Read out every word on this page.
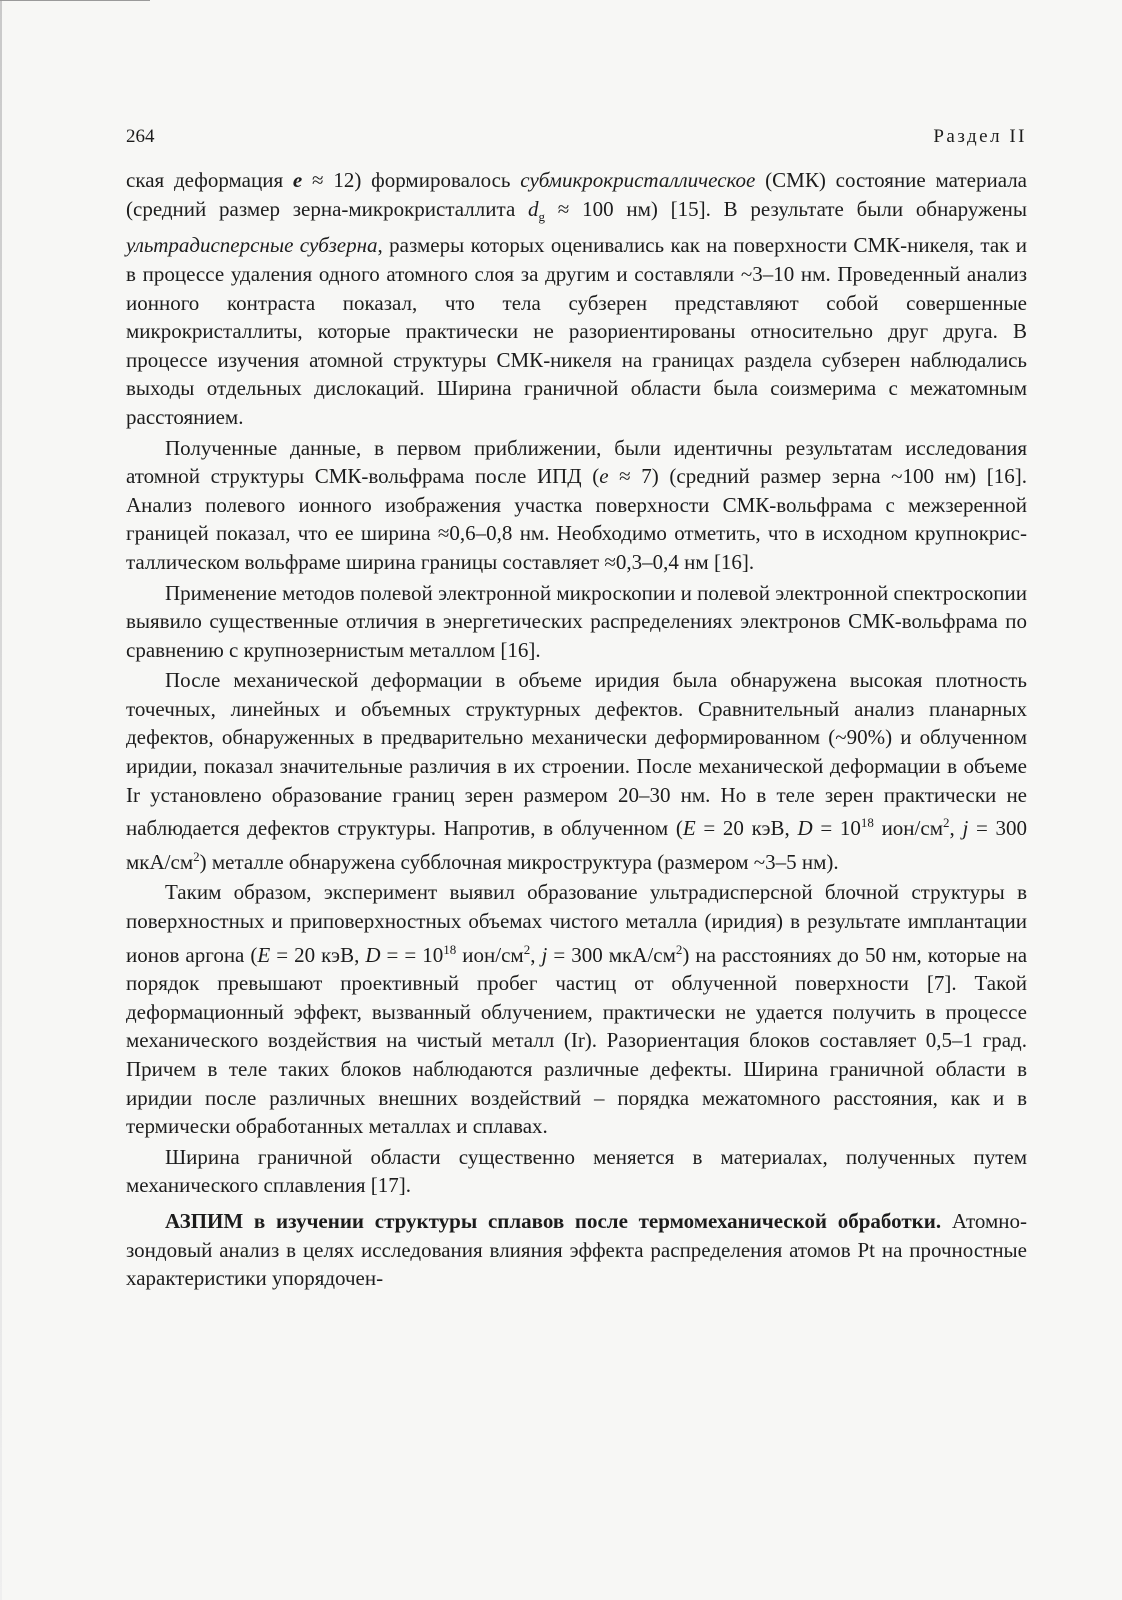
264	Раздел II

ская деформация e ≈ 12) формировалось субмикрокристаллическое (СМК) состояние материала (средний размер зерна-микрокристаллита $d_g \approx 100$ нм) [15]. В результате были обнаружены ультрадисперсные субзерна, размеры которых оценивались как на поверхности СМК-никеля, так и в процессе удаления одного атомного слоя за другим и составляли ~3–10 нм. Проведенный анализ ионного контраста показал, что тела субзерен представляют собой совершенные микрокристаллиты, которые практически не разориентированы относительно друг друга. В процессе изучения атомной структуры СМК-никеля на границах раздела субзерен наблюдались выходы отдельных дислокаций. Ширина граничной области была соизмерима с межатомным расстоянием.

Полученные данные, в первом приближении, были идентичны результатам исследования атомной структуры СМК-вольфрама после ИПД (e ≈ 7) (средний размер зерна ~100 нм) [16]. Анализ полевого ионного изображения участка поверхности СМК-вольфрама с межзеренной границей показал, что ее ширина ≈0,6–0,8 нм. Необходимо отметить, что в исходном крупнокристаллическом вольфраме ширина границы составляет ≈0,3–0,4 нм [16].

Применение методов полевой электронной микроскопии и полевой электронной спектроскопии выявило существенные отличия в энергетических распределениях электронов СМК-вольфрама по сравнению с крупнозернистым металлом [16].

После механической деформации в объеме иридия была обнаружена высокая плотность точечных, линейных и объемных структурных дефектов. Сравнительный анализ планарных дефектов, обнаруженных в предварительно механически деформированном (~90%) и облученном иридии, показал значительные различия в их строении. После механической деформации в объеме Ir установлено образование границ зерен размером 20–30 нм. Но в теле зерен практически не наблюдается дефектов структуры. Напротив, в облученном (E = 20 кэВ, $D = 10^{18}$ ион/$см^2$, j = 300 мкА/$см^2$) металле обнаружена субблочная микроструктура (размером ~3–5 нм).

Таким образом, эксперимент выявил образование ультрадисперсной блочной структуры в поверхностных и приповерхностных объемах чистого металла (иридия) в результате имплантации ионов аргона (E = 20 кэВ, D = = $10^{18}$ ион/$см^2$, j = 300 мкА/$см^2$) на расстояниях до 50 нм, которые на порядок превышают проективный пробег частиц от облученной поверхности [7]. Такой деформационный эффект, вызванный облучением, практически не удается получить в процессе механического воздействия на чистый металл (Ir). Разориентация блоков составляет 0,5–1 град. Причем в теле таких блоков наблюдаются различные дефекты. Ширина граничной области в иридии после различных внешних воздействий – порядка межатомного расстояния, как и в термически обработанных металлах и сплавах.

Ширина граничной области существенно меняется в материалах, полученных путем механического сплавления [17].

АЗПИМ в изучении структуры сплавов после термомеханической обработки. Атомно-зондовый анализ в целях исследования влияния эффекта распределения атомов Pt на прочностные характеристики упорядочен-
